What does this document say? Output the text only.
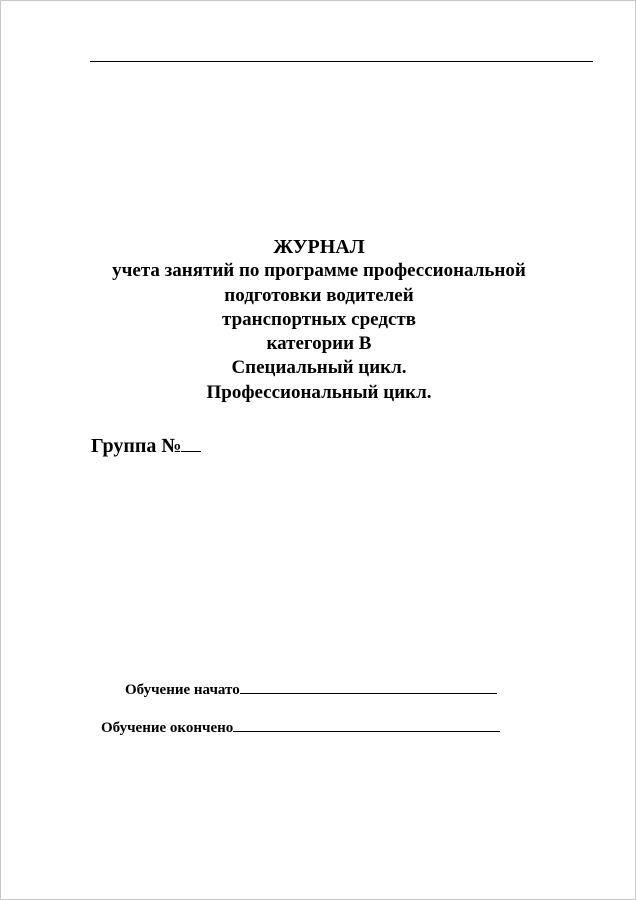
ЖУРНАЛ
учета занятий по программе профессиональной
подготовки водителей
транспортных средств
категории В
Специальный цикл.
Профессиональный цикл.
Группа №
Обучение начато
Обучение окончено
